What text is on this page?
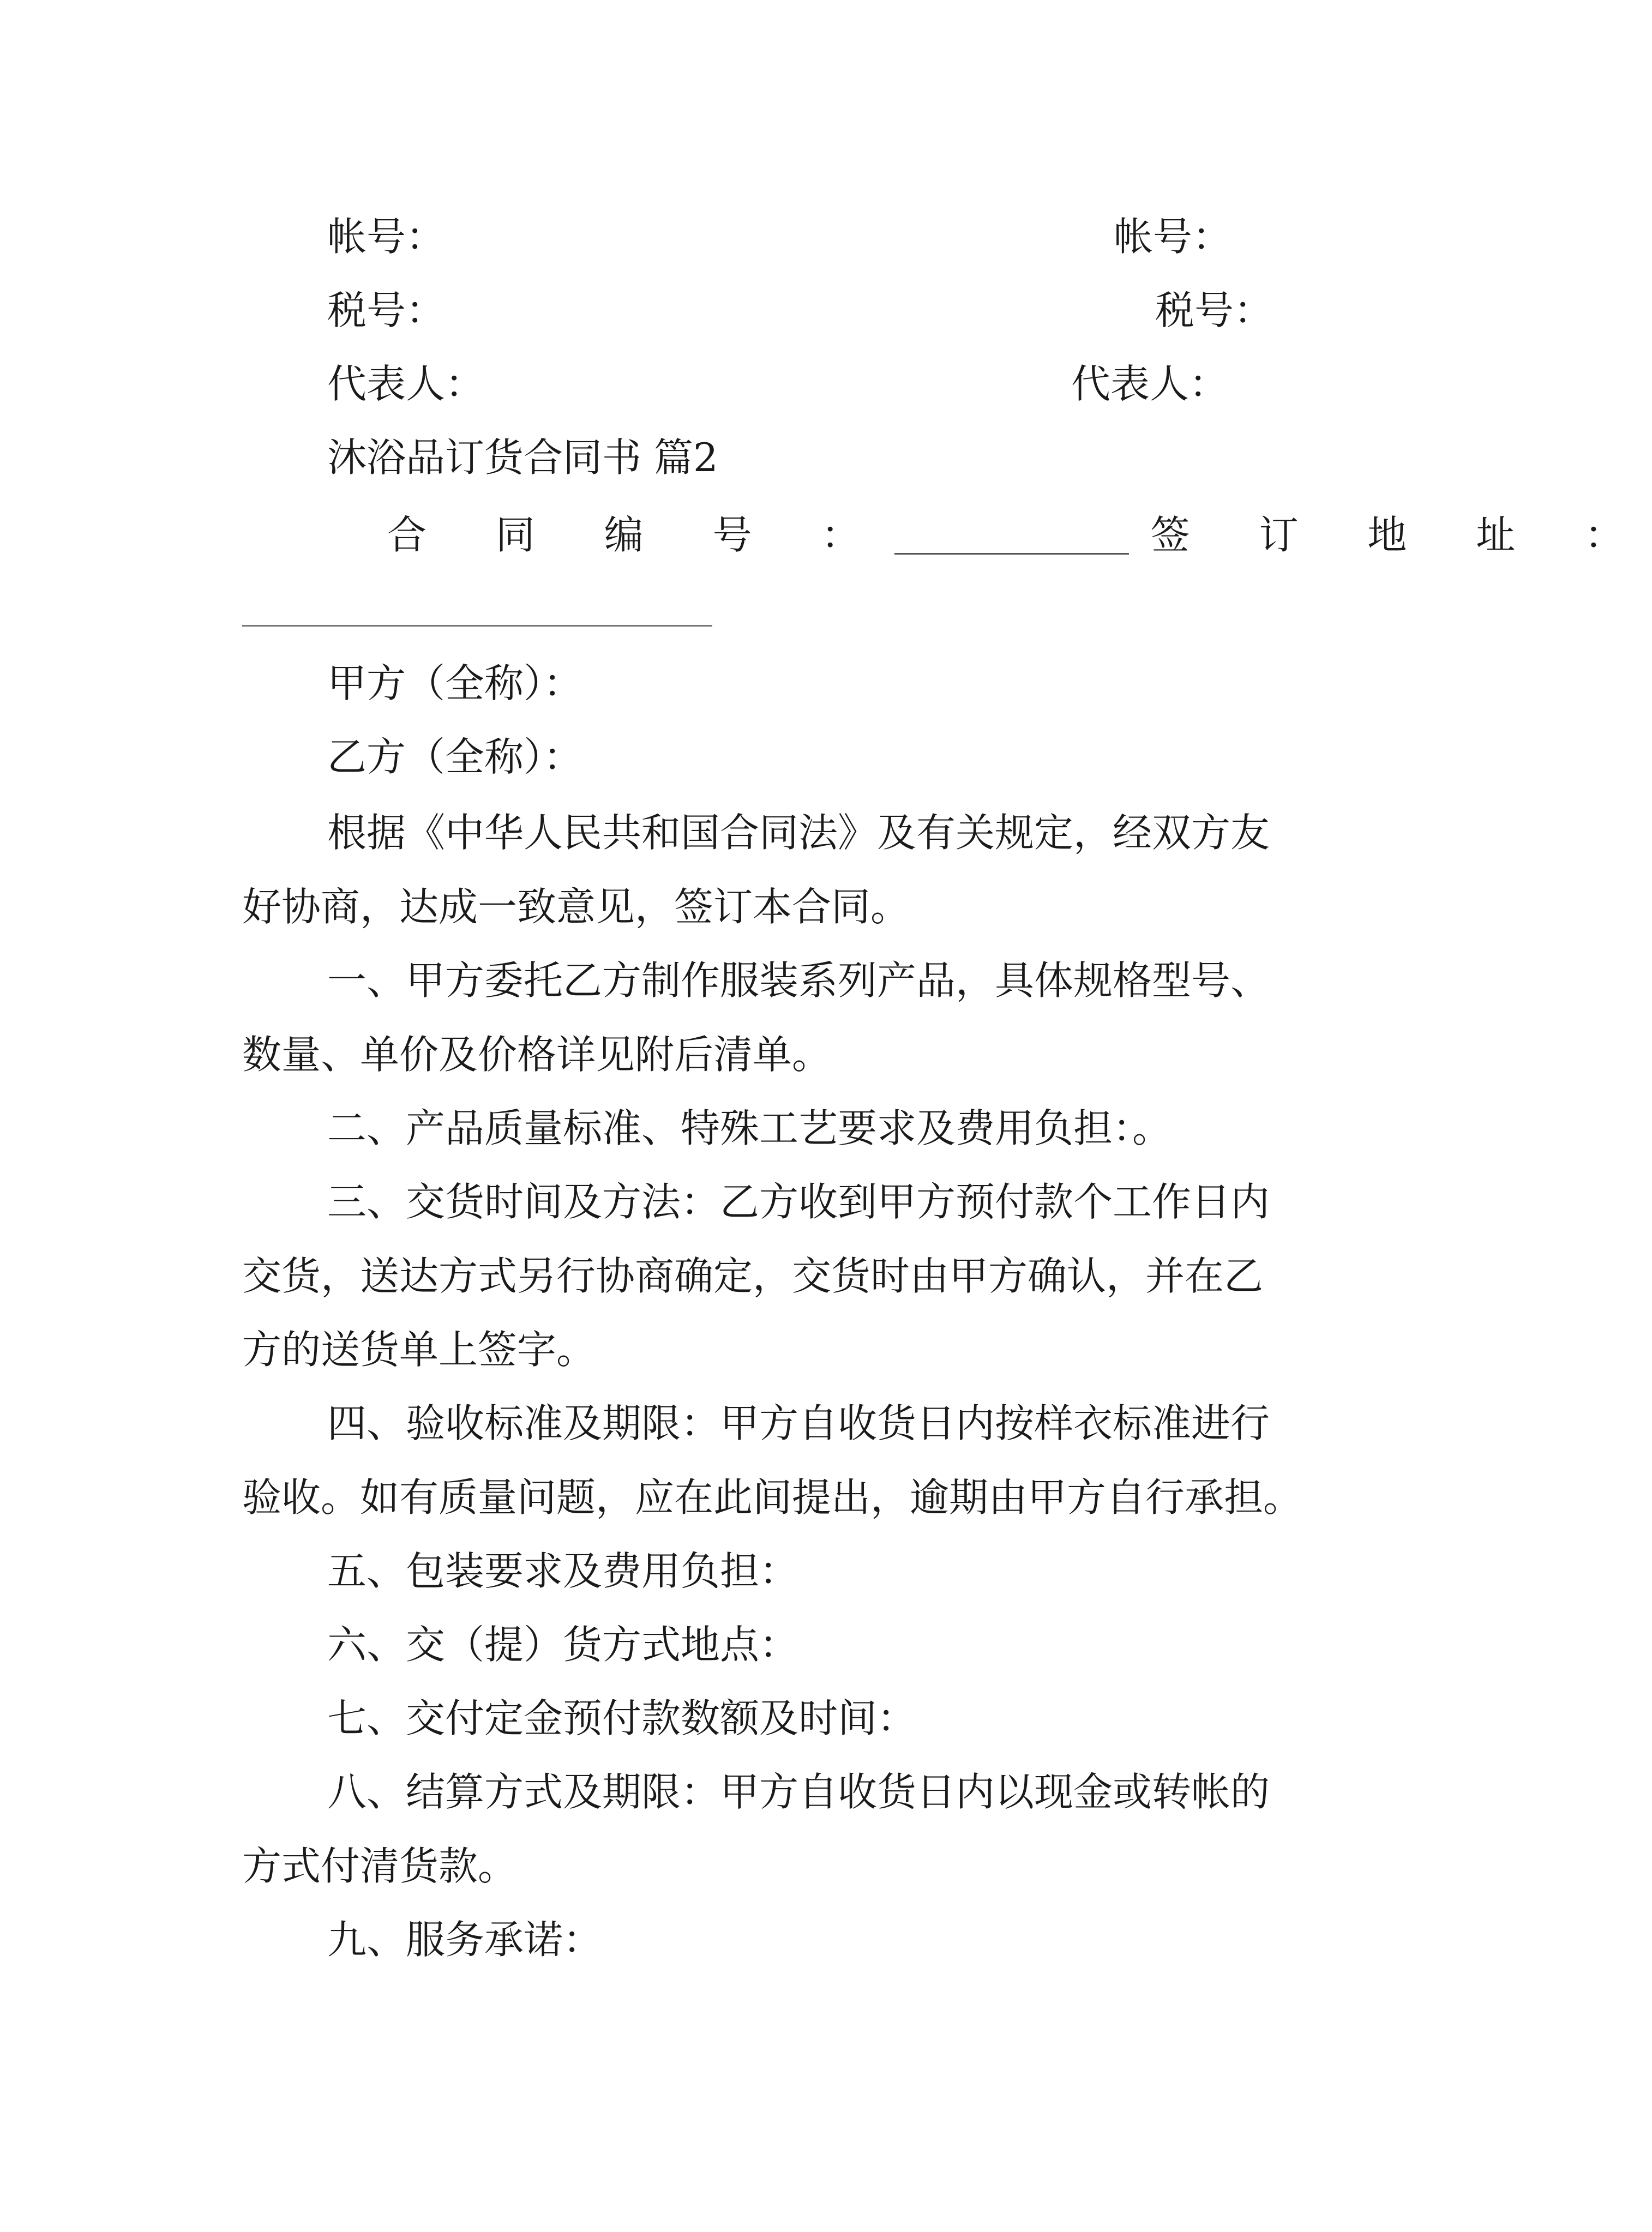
帐号：	帐号：
税号：	税号：
代表人：	代表人：
沐浴品订货合同书 篇2
合 同 编 号 ：	签 订 地 址 ：
甲方（全称）：
乙方（全称）：
根据《中华人民共和国合同法》及有关规定，经双方友
好协商，达成一致意见，签订本合同。
一、甲方委托乙方制作服装系列产品，具体规格型号、
数量、单价及价格详见附后清单。
二、产品质量标准、特殊工艺要求及费用负担：。
三、交货时间及方法：乙方收到甲方预付款个工作日内
交货，送达方式另行协商确定，交货时由甲方确认，并在乙
方的送货单上签字。
四、验收标准及期限：甲方自收货日内按样衣标准进行
验收。如有质量问题，应在此间提出，逾期由甲方自行承担。
五、包装要求及费用负担：
六、交（提）货方式地点：
七、交付定金预付款数额及时间：
八、结算方式及期限：甲方自收货日内以现金或转帐的
方式付清货款。
九、服务承诺：
